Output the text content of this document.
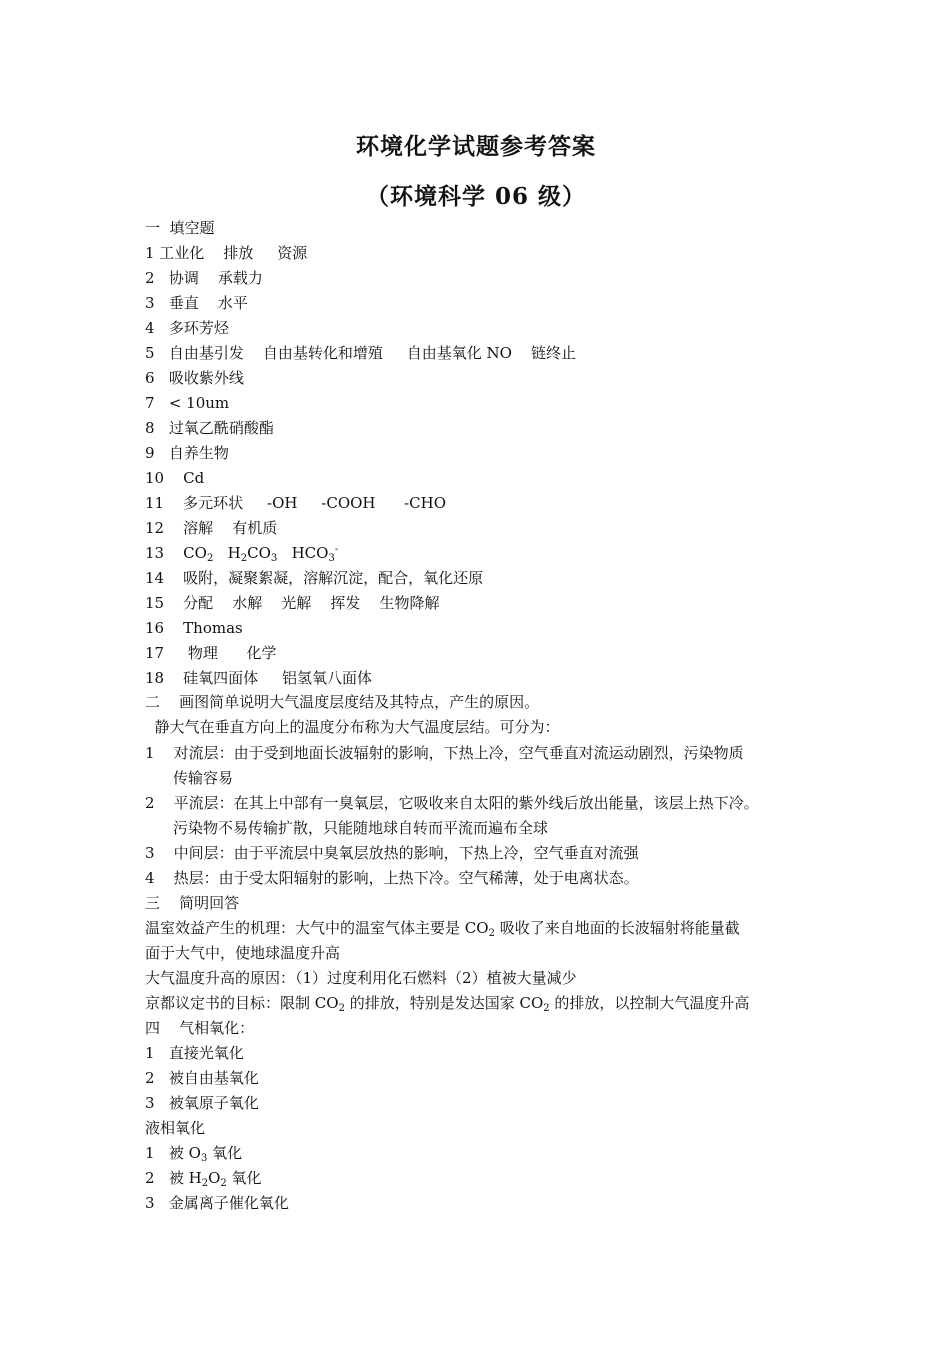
环境化学试题参考答案
（环境科学 06 级）
一  填空题
1 工业化    排放     资源
2   协调    承载力
3   垂直    水平
4   多环芳烃
5   自由基引发    自由基转化和增殖     自由基氧化 NO    链终止
6   吸收紫外线
7   < 10um
8   过氧乙酰硝酸酯
9   自养生物
10    Cd
11    多元环状     -OH     -COOH      -CHO
12    溶解    有机质
13 $CO_2$ $H_2CO_3$ $HCO_3^-$
14    吸附，凝聚絮凝，溶解沉淀，配合，氧化还原
15    分配    水解    光解    挥发    生物降解
16    Thomas
17     物理      化学
18    硅氧四面体     铝氢氧八面体
二    画图简单说明大气温度层度结及其特点，产生的原因。
静大气在垂直方向上的温度分布称为大气温度层结。可分为：
1    对流层：由于受到地面长波辐射的影响，下热上冷，空气垂直对流运动剧烈，污染物质
传输容易
2    平流层：在其上中部有一臭氧层，它吸收来自太阳的紫外线后放出能量，该层上热下冷。
污染物不易传输扩散，只能随地球自转而平流而遍布全球
3    中间层：由于平流层中臭氧层放热的影响，下热上冷，空气垂直对流强
4    热层：由于受太阳辐射的影响，上热下冷。空气稀薄，处于电离状态。
三    简明回答
温室效益产生的机理：大气中的温室气体主要是 $CO_2$ 吸收了来自地面的长波辐射将能量截
面于大气中，使地球温度升高
大气温度升高的原因：（1）过度利用化石燃料（2）植被大量减少
京都议定书的目标：限制 $CO_2$ 的排放，特别是发达国家 $CO_2$ 的排放，以控制大气温度升高
四    气相氧化：
1   直接光氧化
2   被自由基氧化
3   被氧原子氧化
液相氧化
1   被 $O_3$ 氧化
2   被 $H_2O_2$ 氧化
3   金属离子催化氧化
